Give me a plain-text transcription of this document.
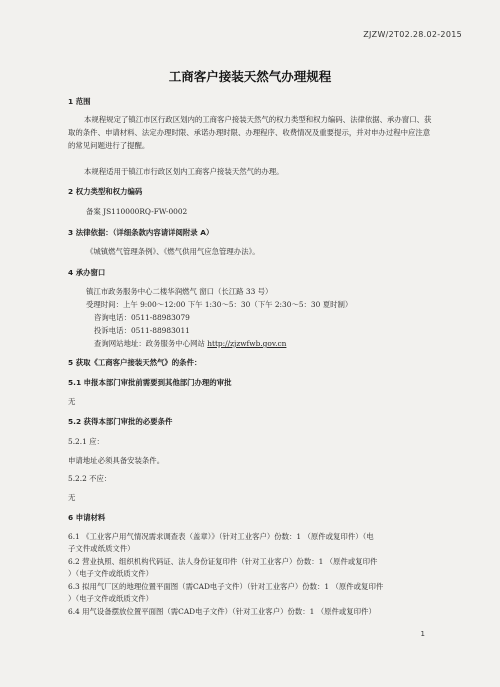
ZJZW/2T02.28.02-2015
工商客户接装天然气办理规程
1 范围
本规程规定了镇江市区行政区划内的工商客户接装天然气的权力类型和权力编码、法律依据、承办窗口、获取的条件、申请材料、法定办理时限、承诺办理时限、办理程序、收费情况及重要提示，并对申办过程中应注意的常见问题进行了提醒。
本规程适用于镇江市行政区划内工商客户接装天然气的办理。
2 权力类型和权力编码
备案 JS110000RQ-FW-0002
3 法律依据：（详细条款内容请详阅附录 A）
《城镇燃气管理条例》、《燃气供用气应急管理办法》。
4 承办窗口
镇江市政务服务中心二楼华润燃气 窗口（长江路 33 号）
受理时间：上午 9:00～12:00 下午 1:30～5：30（下午 2:30～5：30 夏时制）
咨询电话：0511-88983079
投诉电话：0511-88983011
查询网站地址：政务服务中心网站 http://zjzwfwb.gov.cn
5 获取《工商客户接装天然气》的条件：
5.1 申报本部门审批前需要到其他部门办理的审批
无
5.2 获得本部门审批的必要条件
5.2.1 应：
申请地址必须具备安装条件。
5.2.2 不应：
无
6 申请材料
6.1 《工业客户用气情况需求调查表（盖章）》（针对工业客户）份数：1 （原件或复印件）（电
子文件或纸质文件）
6.2 营业执照、组织机构代码证、法人身份证复印件（针对工业客户）份数：1 （原件或复印件
）（电子文件或纸质文件）
6.3 拟用气厂区的地理位置平面图（需CAD电子文件）（针对工业客户）份数：1 （原件或复印件
）（电子文件或纸质文件）
6.4 用气设备摆放位置平面图（需CAD电子文件）（针对工业客户）份数：1 （原件或复印件）
1
